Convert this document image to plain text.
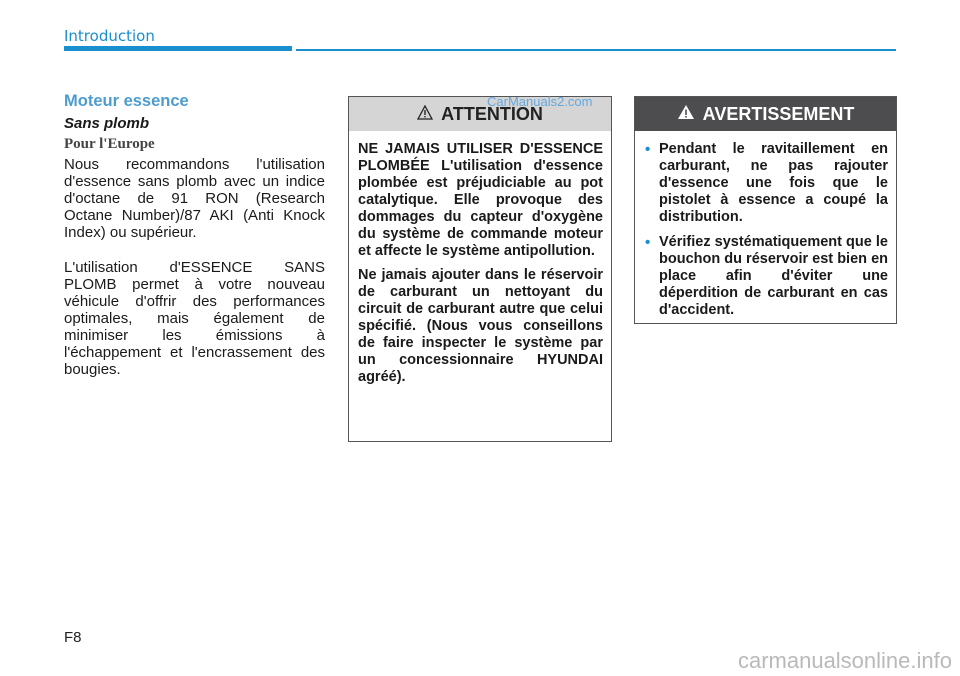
Introduction
Moteur essence
Sans plomb
Pour l'Europe

Nous recommandons l'utilisation d'essence sans plomb avec un indice d'octane de 91 RON (Research Octane Number)/87 AKI (Anti Knock Index) ou supérieur.

L'utilisation d'ESSENCE SANS PLOMB permet à votre nouveau véhicule d'offrir des performances optimales, mais également de minimiser les émissions à l'échappement et l'encrassement des bougies.

ATTENTION

NE JAMAIS UTILISER D'ESSENCE PLOMBÉE L'utilisation d'essence plombée est préjudiciable au pot catalytique. Elle provoque des dommages du capteur d'oxygène du système de commande moteur et affecte le système antipollution.

Ne jamais ajouter dans le réservoir de carburant un nettoyant du circuit de carburant autre que celui spécifié. (Nous vous conseillons de faire inspecter le système par un concessionnaire HYUNDAI agréé).

CarManuals2.com
AVERTISSEMENT
• Pendant le ravitaillement en carburant, ne pas rajouter d'essence une fois que le pistolet à essence a coupé la distribution.
• Vérifiez systématiquement que le bouchon du réservoir est bien en place afin d'éviter une déperdition de carburant en cas d'accident.
F8
carmanualsonline.info
